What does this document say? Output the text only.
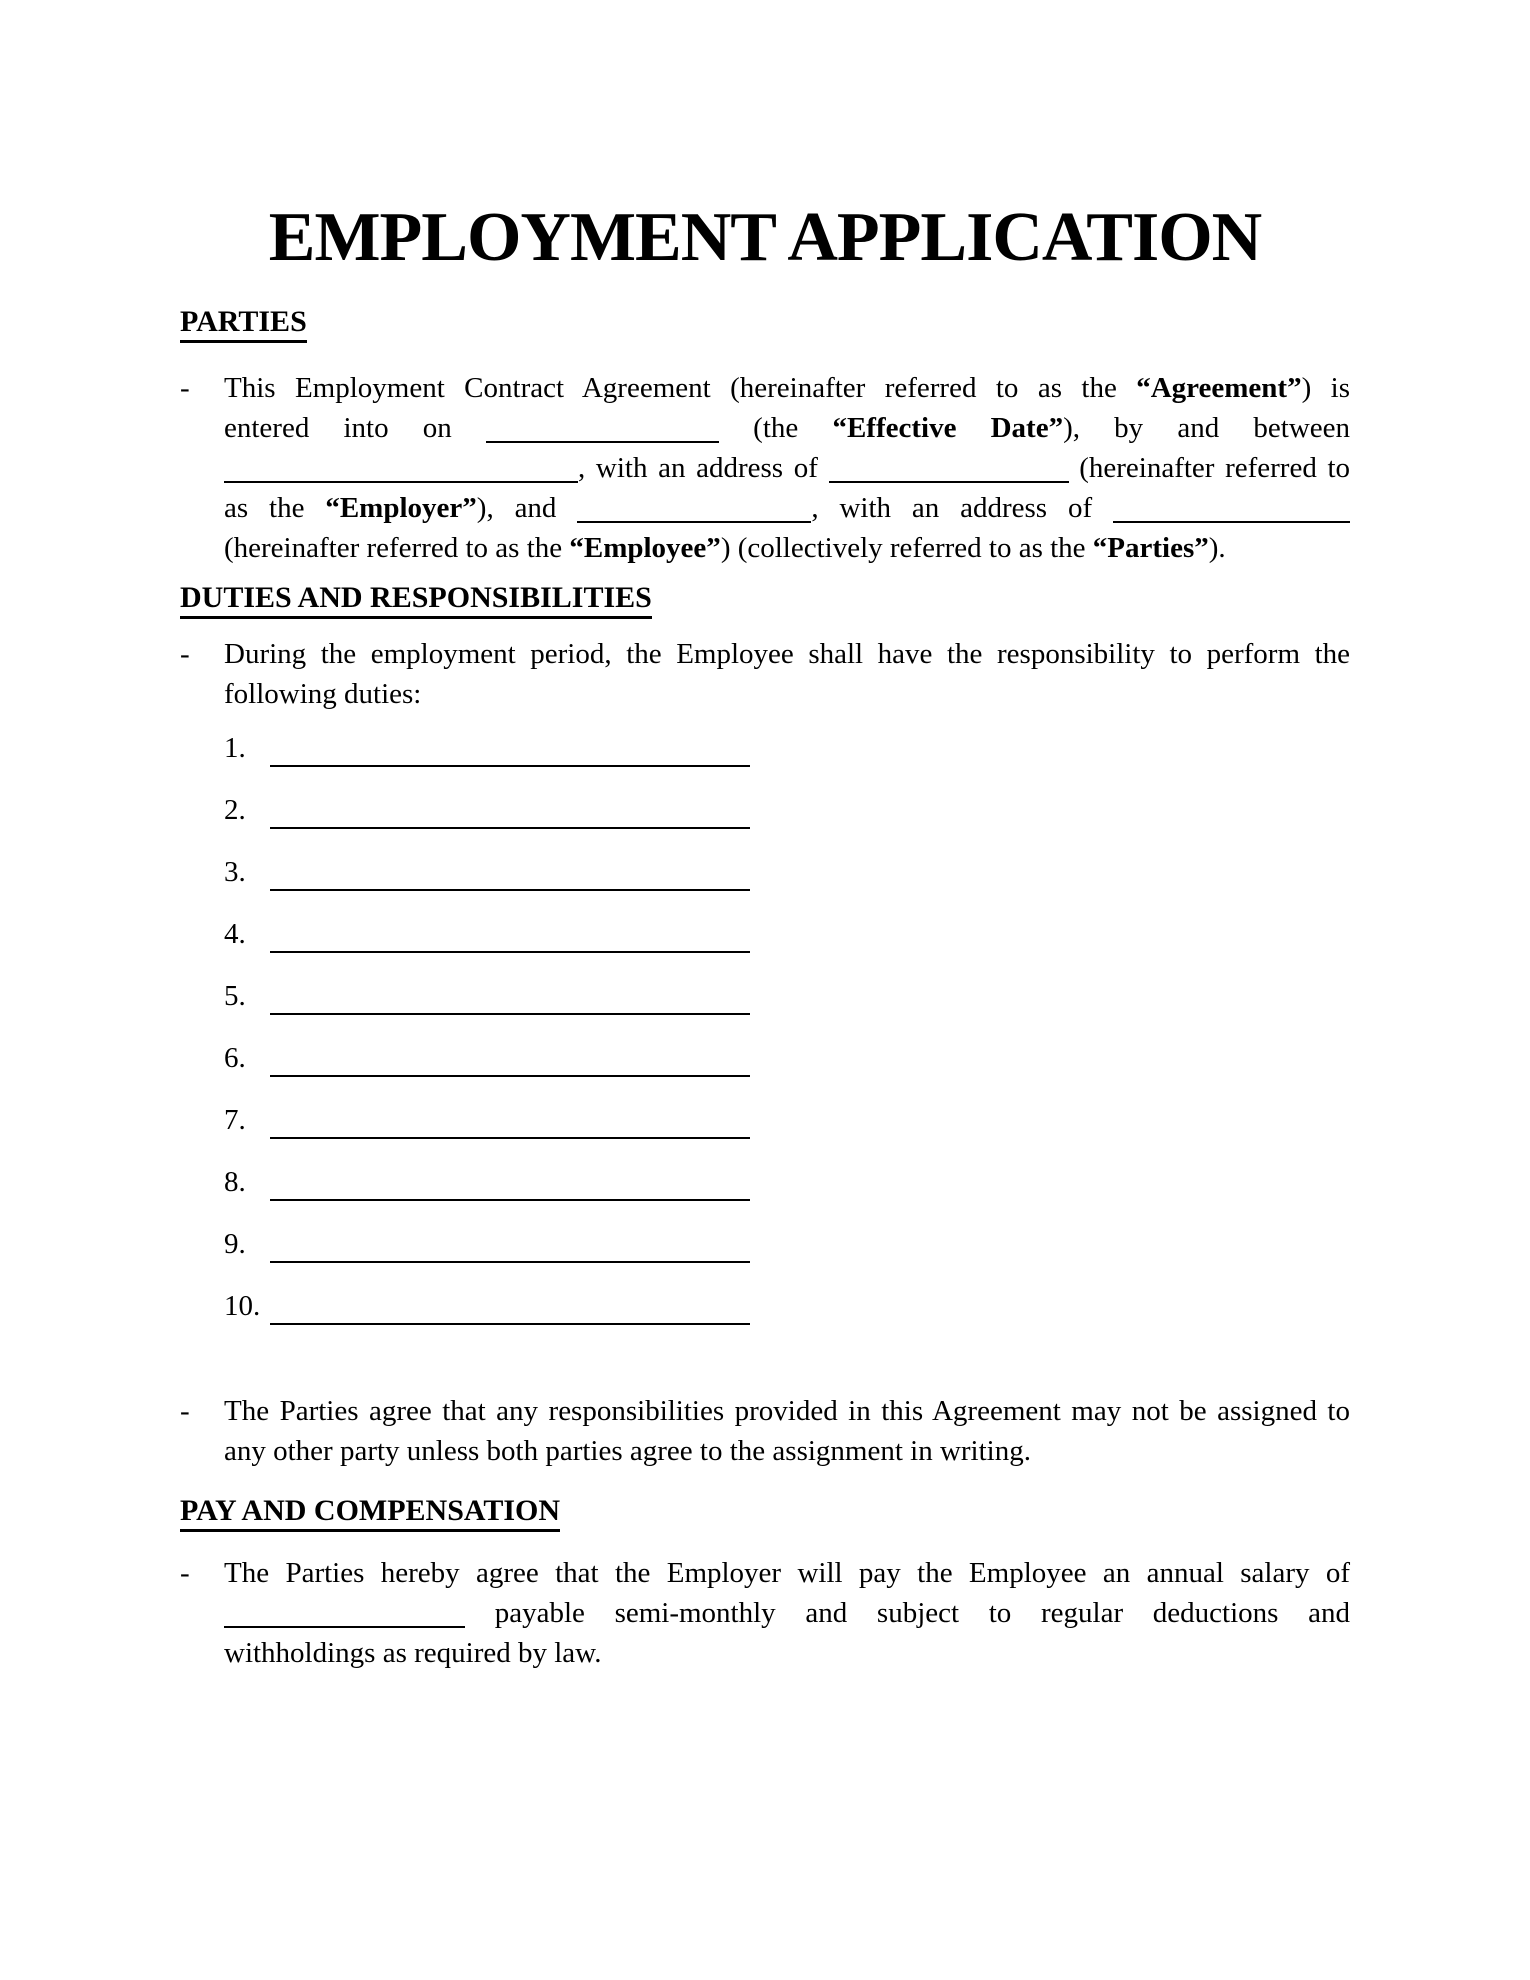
EMPLOYMENT APPLICATION
PARTIES
-	This Employment Contract Agreement (hereinafter referred to as the “Agreement”) is
entered into on	(the “Effective Date”), by and between
, with an address of	(hereinafter referred to
as the “Employer”), and	, with an address of
(hereinafter referred to as the “Employee”) (collectively referred to as the “Parties”).
DUTIES AND RESPONSIBILITIES
-	During the employment period, the Employee shall have the responsibility to perform the
following duties:
1.
2.
3.
4.
5.
6.
7.
8.
9.
10.
-	The Parties agree that any responsibilities provided in this Agreement may not be assigned to
any other party unless both parties agree to the assignment in writing.
PAY AND COMPENSATION
-	The Parties hereby agree that the Employer will pay the Employee an annual salary of
payable semi-monthly and subject to regular deductions and
withholdings as required by law.
